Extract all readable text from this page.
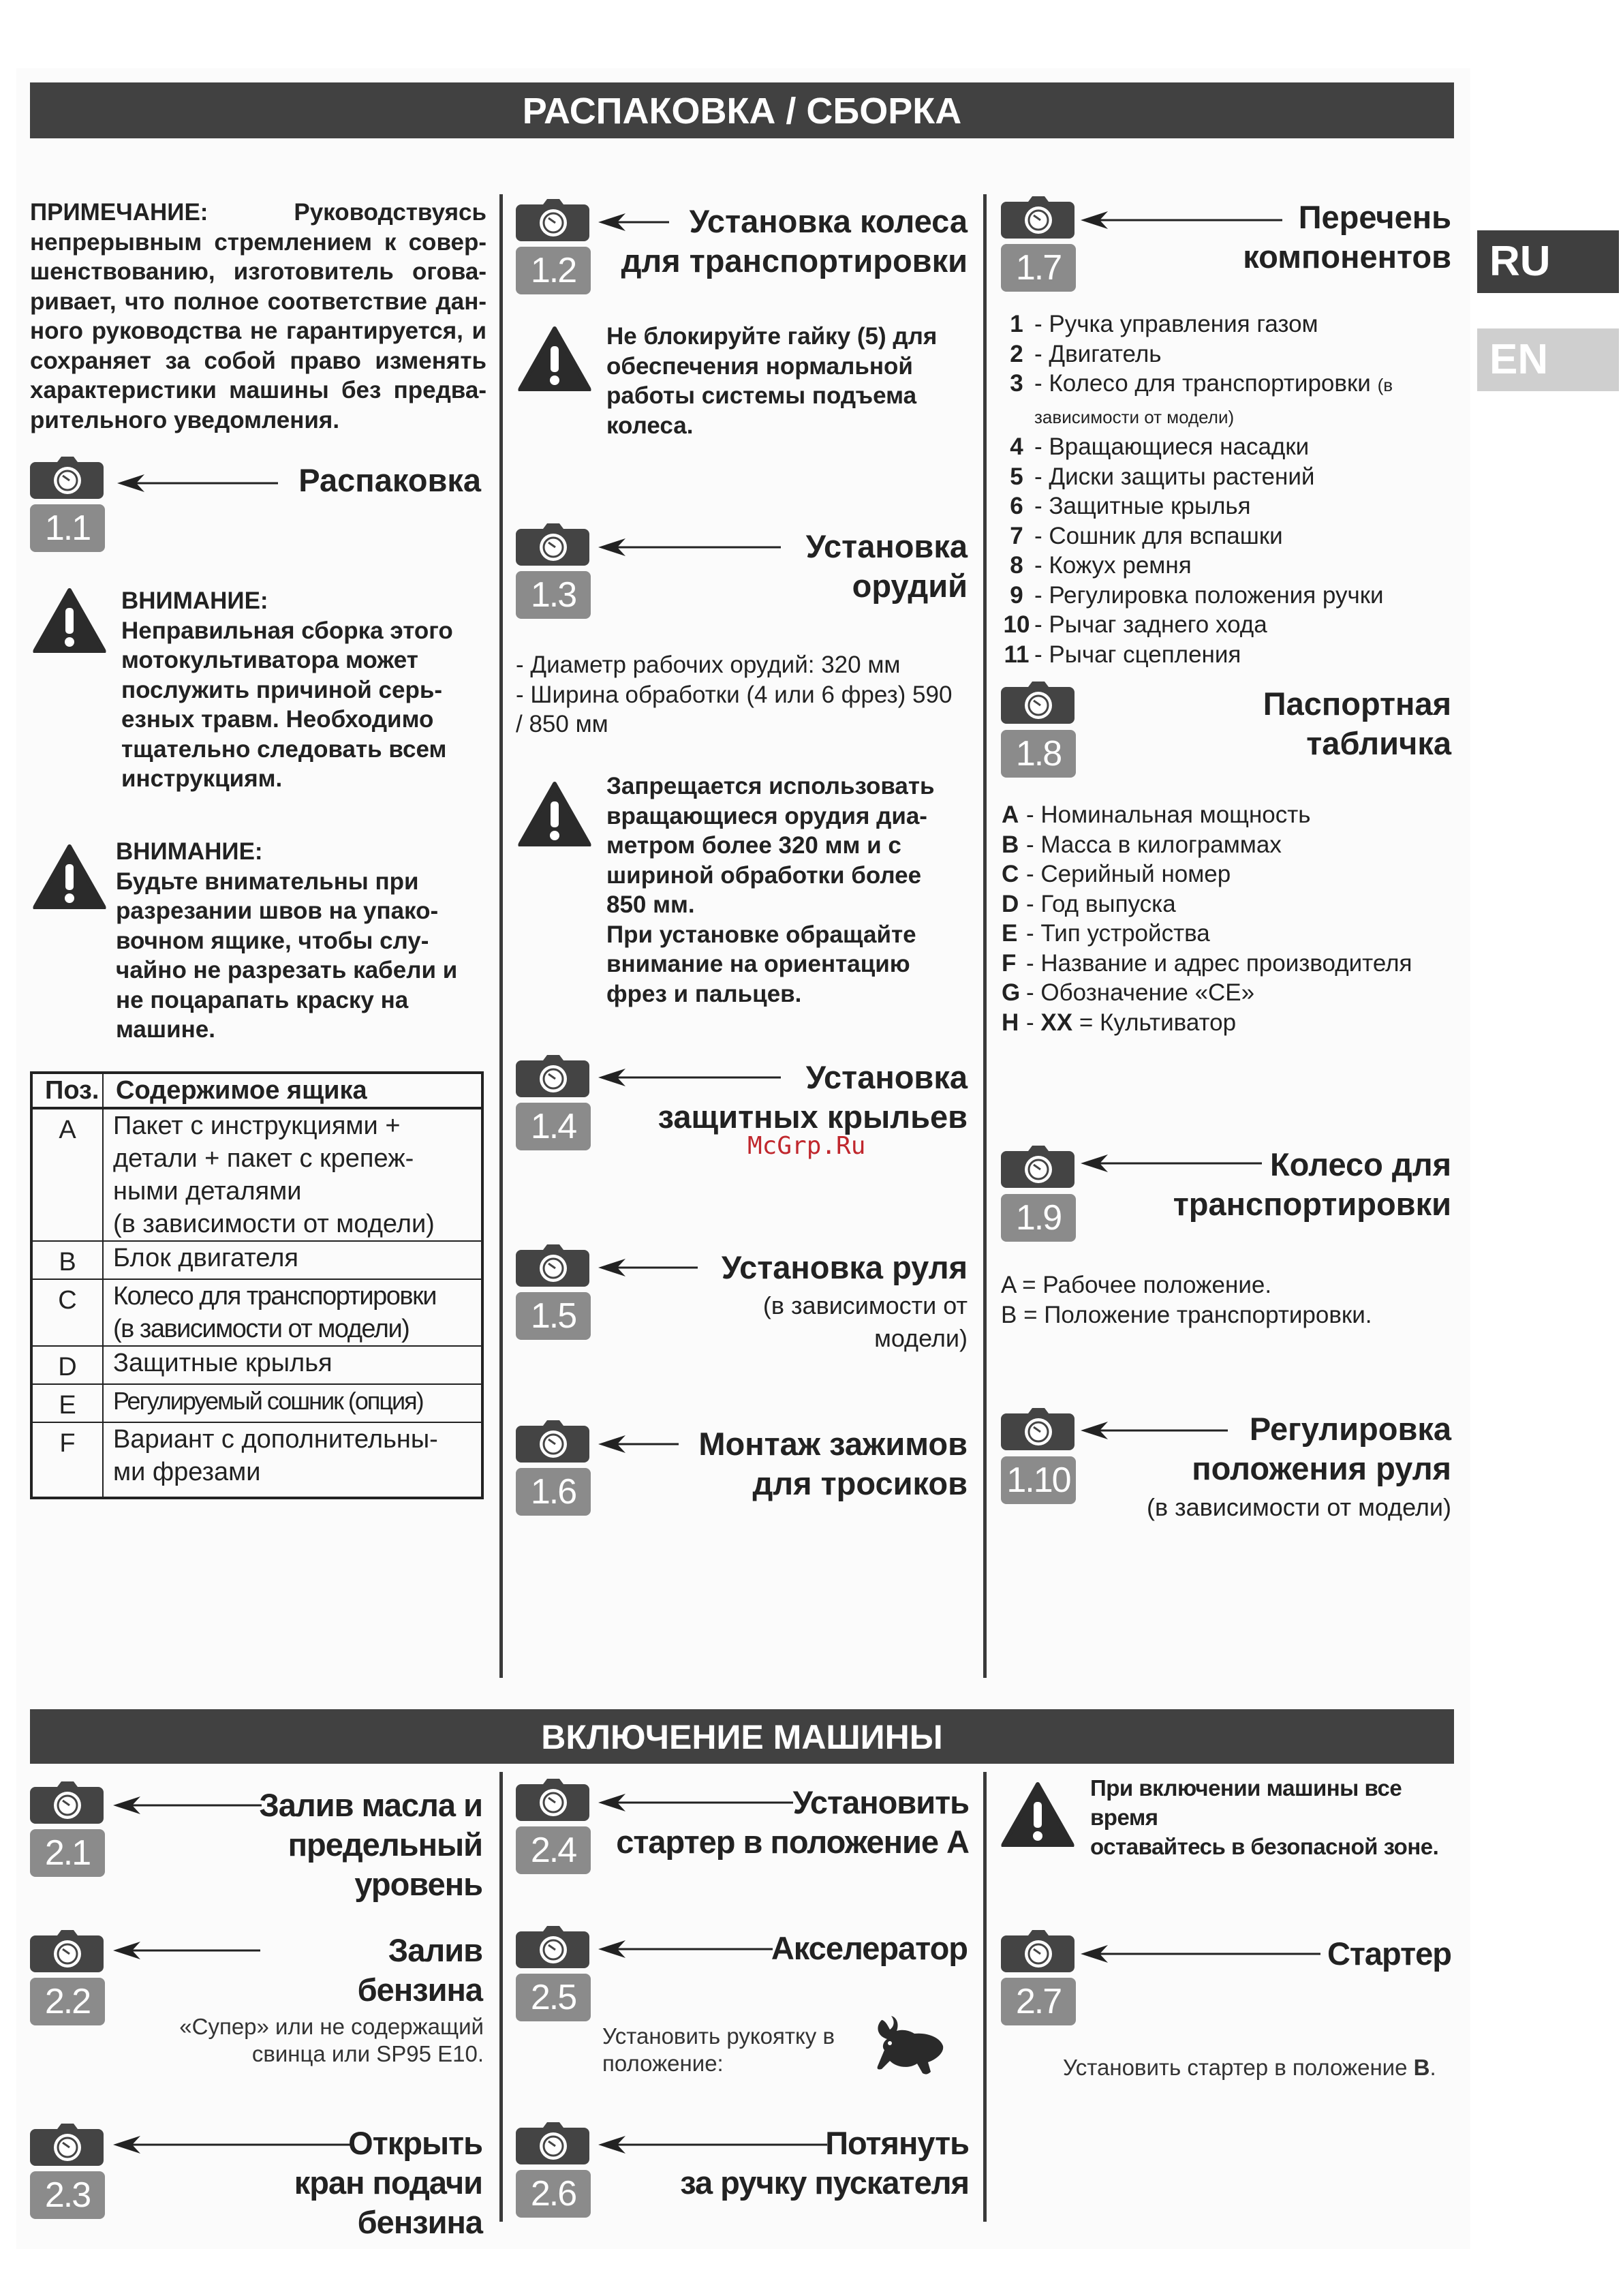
РАСПАКОВКА / СБОРКА
ВКЛЮЧЕНИЕ МАШИНЫ
RU
EN

ПРИМЕЧАНИЕ: Руководствуясь

непрерывным стремлением к совер-

шенствованию, изготовитель огова-

ривает, что полное соответствие дан-

ного руководства не гарантируется, и

сохраняет за собой право изменять

характеристики машины без предва-

рительного уведомления.

1.1
Распаковка

ВНИМАНИЕ:

Неправильная сборка этого

мотокультиватора может

послужить причиной серь-

езных травм. Необходимо

тщательно следовать всем

инструкциям.

ВНИМАНИЕ:

Будьте внимательны при

разрезании швов на упако-

вочном ящике, чтобы слу-

чайно не разрезать кабели и

не поцарапать краску на

машине.

Поз.	Содержимое ящика
A	Пакет с инструкциями +
детали + пакет с крепеж-
ными деталями
(в зависимости от модели)

B	Блок двигателя

C	Колесо для транспортировки
(в зависимости от модели)

D	Защитные крылья

E	Регулируемый сошник (опция)

F	Вариант с дополнительны-
ми фрезами
1.2
Установка колеса
для транспортировки

Не блокируйте гайку (5) для

обеспечения нормальной

работы системы подъема

колеса.

1.3
Установка
орудий
- Диаметр рабочих орудий: 320 мм
- Ширина обработки (4 или 6 фрез) 590
/ 850 мм

Запрещается использовать

вращающиеся орудия диа-

метром более 320 мм и с

шириной обработки более

850 мм.

При установке обращайте

внимание на ориентацию

фрез и пальцев.

1.4
Установка
защитных крыльев
McGrp.Ru
1.5
Установка руля
(в зависимости от
модели)
1.6
Монтаж зажимов
для тросиков
1.7
Перечень
компонентов
1 - Ручка управления газом
2 - Двигатель
3 - Колесо для транспортировки (в
зависимости от модели)
4 - Вращающиеся насадки
5 - Диски защиты растений
6 - Защитные крылья
7 - Сошник для вспашки
8 - Кожух ремня
9 - Регулировка положения ручки
10 - Рычаг заднего хода
11 - Рычаг сцепления
1.8
Паспортная
табличка
A - Номинальная мощность
B - Масса в килограммах
C - Серийный номер
D - Год выпуска
E - Тип устройства
F - Название и адрес производителя
G - Обозначение «CE»
H - XX = Культиватор
1.9
Колесо для
транспортировки
A = Рабочее положение.
B = Положение транспортировки.
1.10
Регулировка
положения руля
(в зависимости от модели)
2.1
Залив масла и
предельный
уровень
2.2
Залив бензина
«Супер» или не содержащий
свинца или SP95 E10.
2.3
Открыть
кран подачи бензина
2.4
Установить
стартер в положение A
2.5
Акселератор
Установить рукоятку в
положение:
2.6
Потянуть
за ручку пускателя

При включении машины все время

оставайтесь в безопасной зоне.

2.7
Стартер
Установить стартер в положение B.
